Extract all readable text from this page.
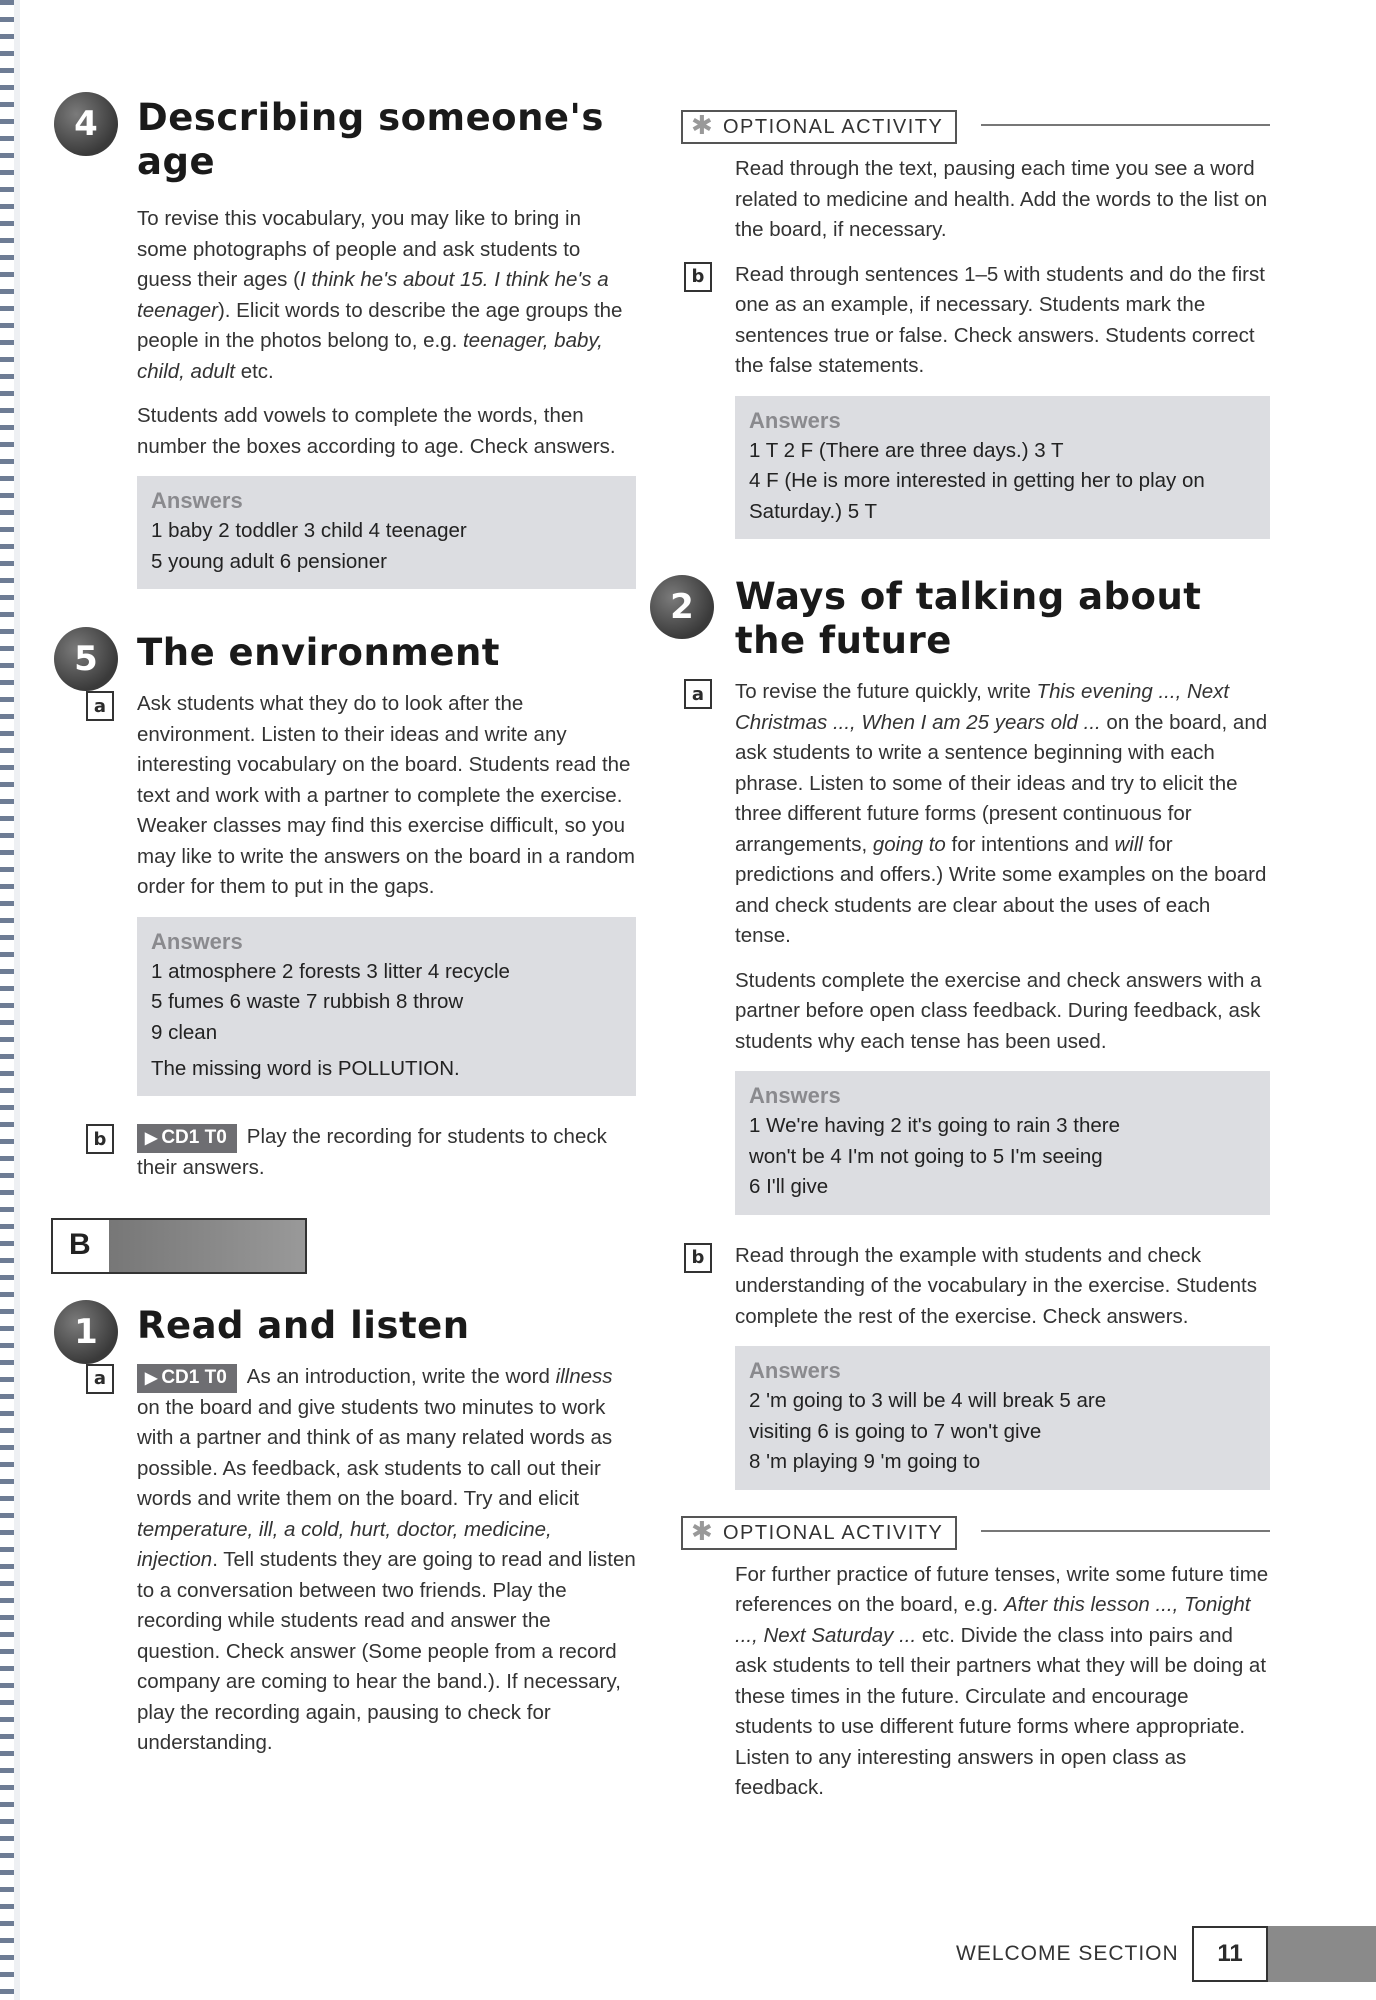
4	Describing someone's age

To revise this vocabulary, you may like to bring in some photographs of people and ask students to guess their ages (I think he's about 15. I think he's a teenager). Elicit words to describe the age groups the people in the photos belong to, e.g. teenager, baby, child, adult etc.

Students add vowels to complete the words, then number the boxes according to age. Check answers.

Answers
1 baby 2 toddler 3 child 4 teenager
5 young adult 6 pensioner
5	The environment
a	Ask students what they do to look after the environment. Listen to their ideas and write any interesting vocabulary on the board. Students read the text and work with a partner to complete the exercise. Weaker classes may find this exercise difficult, so you may like to write the answers on the board in a random order for them to put in the gaps.

Answers
1 atmosphere 2 forests 3 litter 4 recycle
5 fumes 6 waste 7 rubbish 8 throw
9 clean
The missing word is POLLUTION.
b	▶ CD1 T0 Play the recording for students to check their answers.

B
1	Read and listen
a	▶ CD1 T0 As an introduction, write the word illness on the board and give students two minutes to work with a partner and think of as many related words as possible. As feedback, ask students to call out their words and write them on the board. Try and elicit temperature, ill, a cold, hurt, doctor, medicine, injection. Tell students they are going to read and listen to a conversation between two friends. Play the recording while students read and answer the question. Check answer (Some people from a record company are coming to hear the band.). If necessary, play the recording again, pausing to check for understanding.

✱ OPTIONAL ACTIVITY

Read through the text, pausing each time you see a word related to medicine and health. Add the words to the list on the board, if necessary.

b	Read through sentences 1–5 with students and do the first one as an example, if necessary. Students mark the sentences true or false. Check answers. Students correct the false statements.

Answers
1 T 2 F (There are three days.) 3 T
4 F (He is more interested in getting her to play on Saturday.) 5 T
2	Ways of talking about the future
a	To revise the future quickly, write This evening ..., Next Christmas ..., When I am 25 years old ... on the board, and ask students to write a sentence beginning with each phrase. Listen to some of their ideas and try to elicit the three different future forms (present continuous for arrangements, going to for intentions and will for predictions and offers.) Write some examples on the board and check students are clear about the uses of each tense.

Students complete the exercise and check answers with a partner before open class feedback. During feedback, ask students why each tense has been used.

Answers
1 We're having 2 it's going to rain 3 there
won't be 4 I'm not going to 5 I'm seeing
6 I'll give
b	Read through the example with students and check understanding of the vocabulary in the exercise. Students complete the rest of the exercise. Check answers.

Answers
2 'm going to 3 will be 4 will break 5 are
visiting 6 is going to 7 won't give
8 'm playing 9 'm going to
✱ OPTIONAL ACTIVITY

For further practice of future tenses, write some future time references on the board, e.g. After this lesson ..., Tonight ..., Next Saturday ... etc. Divide the class into pairs and ask students to tell their partners what they will be doing at these times in the future. Circulate and encourage students to use different future forms where appropriate. Listen to any interesting answers in open class as feedback.

WELCOME SECTION	11
